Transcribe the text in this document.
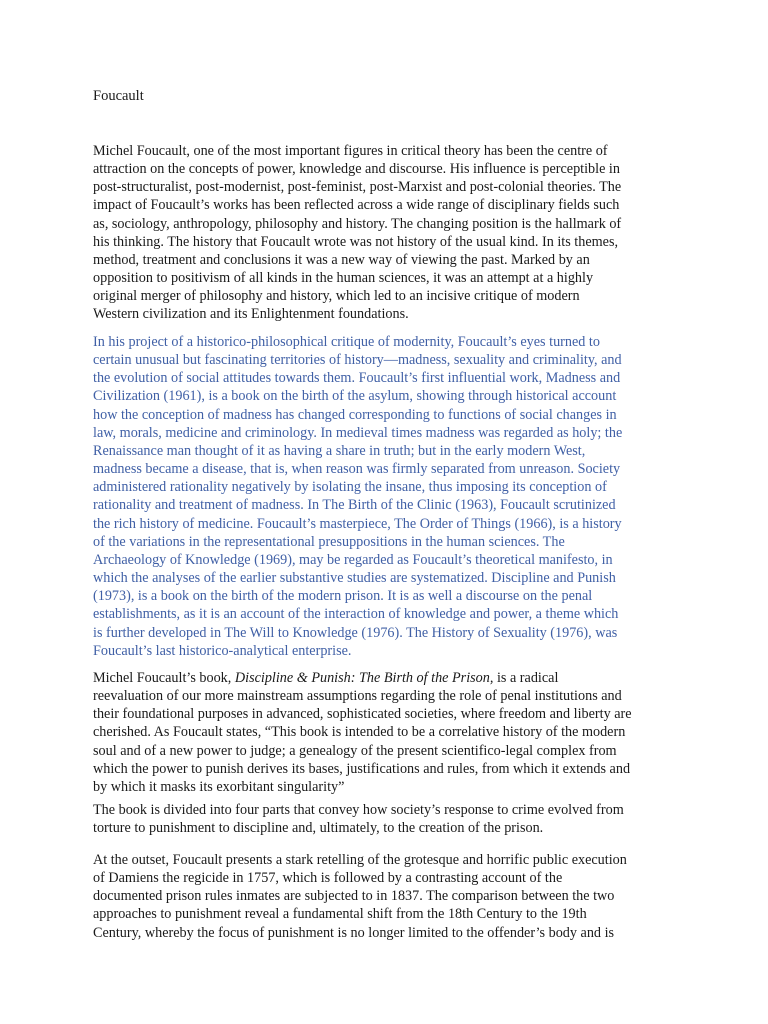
Foucault

Michel Foucault, one of the most important figures in critical theory has been the centre of
attraction on the concepts of power, knowledge and discourse. His influence is perceptible in
post-structuralist, post-modernist, post-feminist, post-Marxist and post-colonial theories. The
impact of Foucault’s works has been reflected across a wide range of disciplinary fields such
as, sociology, anthropology, philosophy and history. The changing position is the hallmark of
his thinking. The history that Foucault wrote was not history of the usual kind. In its themes,
method, treatment and conclusions it was a new way of viewing the past. Marked by an
opposition to positivism of all kinds in the human sciences, it was an attempt at a highly
original merger of philosophy and history, which led to an incisive critique of modern
Western civilization and its Enlightenment foundations.

In his project of a historico-philosophical critique of modernity, Foucault’s eyes turned to
certain unusual but fascinating territories of history—madness, sexuality and criminality, and
the evolution of social attitudes towards them. Foucault’s first influential work, Madness and
Civilization (1961), is a book on the birth of the asylum, showing through historical account
how the conception of madness has changed corresponding to functions of social changes in
law, morals, medicine and criminology. In medieval times madness was regarded as holy; the
Renaissance man thought of it as having a share in truth; but in the early modern West,
madness became a disease, that is, when reason was firmly separated from unreason. Society
administered rationality negatively by isolating the insane, thus imposing its conception of
rationality and treatment of madness. In The Birth of the Clinic (1963), Foucault scrutinized
the rich history of medicine. Foucault’s masterpiece, The Order of Things (1966), is a history
of the variations in the representational presuppositions in the human sciences. The
Archaeology of Knowledge (1969), may be regarded as Foucault’s theoretical manifesto, in
which the analyses of the earlier substantive studies are systematized. Discipline and Punish
(1973), is a book on the birth of the modern prison. It is as well a discourse on the penal
establishments, as it is an account of the interaction of knowledge and power, a theme which
is further developed in The Will to Knowledge (1976). The History of Sexuality (1976), was
Foucault’s last historico-analytical enterprise.

Michel Foucault’s book, Discipline & Punish: The Birth of the Prison, is a radical
reevaluation of our more mainstream assumptions regarding the role of penal institutions and
their foundational purposes in advanced, sophisticated societies, where freedom and liberty are
cherished. As Foucault states, “This book is intended to be a correlative history of the modern
soul and of a new power to judge; a genealogy of the present scientifico-legal complex from
which the power to punish derives its bases, justifications and rules, from which it extends and
by which it masks its exorbitant singularity”

The book is divided into four parts that convey how society’s response to crime evolved from
torture to punishment to discipline and, ultimately, to the creation of the prison.

At the outset, Foucault presents a stark retelling of the grotesque and horrific public execution
of Damiens the regicide in 1757, which is followed by a contrasting account of the
documented prison rules inmates are subjected to in 1837. The comparison between the two
approaches to punishment reveal a fundamental shift from the 18th Century to the 19th
Century, whereby the focus of punishment is no longer limited to the offender’s body and is
